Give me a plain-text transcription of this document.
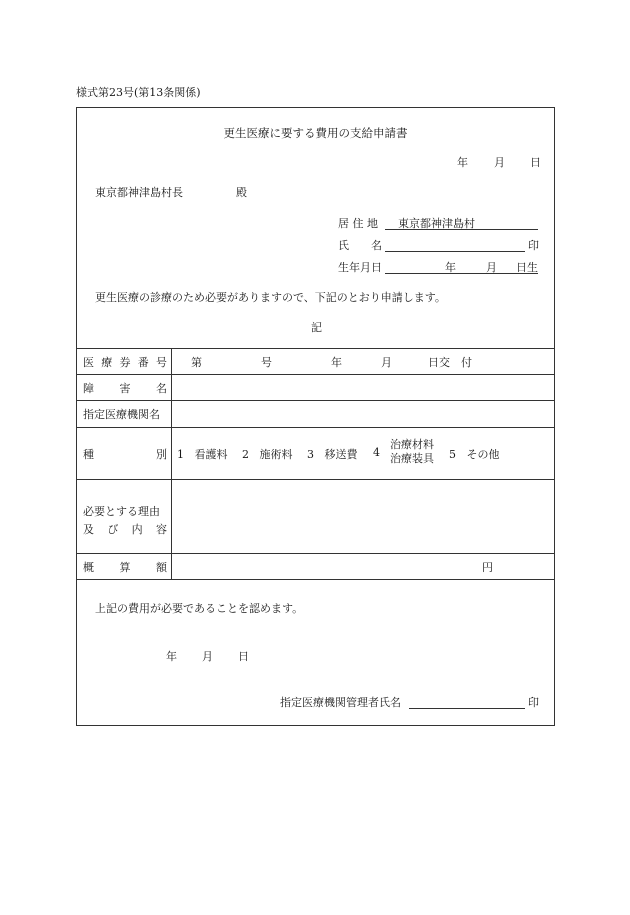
様式第23号(第13条関係)
更生医療に要する費用の支給申請書
年 月 日
東京都神津島村長	殿
居 住 地	東京都神津島村
氏　　名	印
生年月日	年	月 日生
更生医療の診療のため必要がありますので、下記のとおり申請します。
記
医 療 券 番 号 第	号	年	月	日交　付
障 害 名
指定医療機関名
種	別 1 看護料 2 施術料 3 移送費 4
治療材料
治療装具 5 その他
必要とする理由
及 び 内 容
概 算 額	円
上記の費用が必要であることを認めます。
年 月 日
指定医療機関管理者氏名	印
